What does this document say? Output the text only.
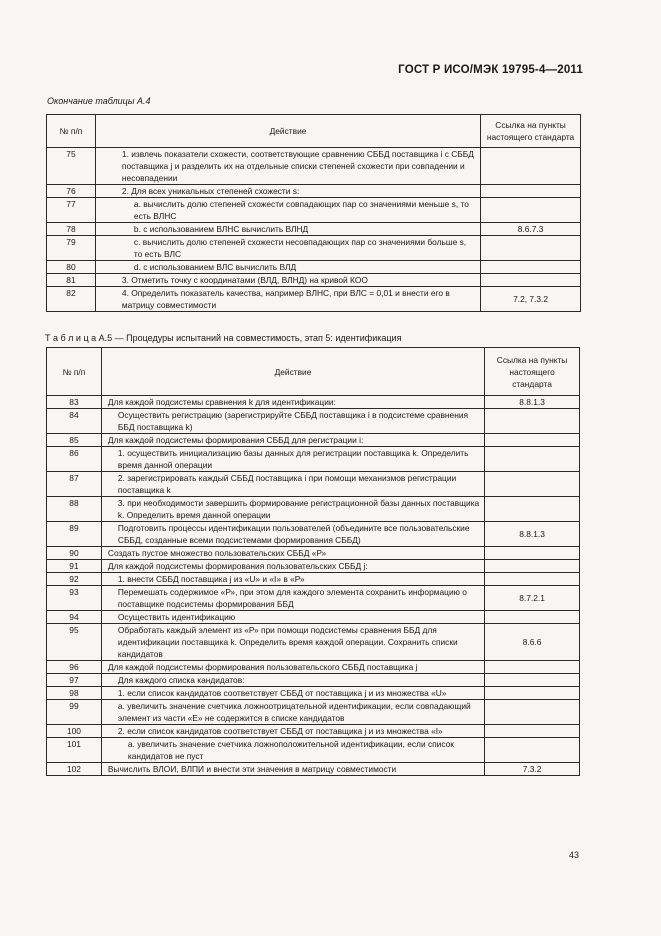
ГОСТ Р ИСО/МЭК 19795-4—2011
Окончание таблицы А.4
№ п/п	Действие	Ссылка на пункты настоящего стандарта
75	1. извлечь показатели схожести, соответствующие сравнению СББД поставщика i с СББД поставщика j и разделить их на отдельные списки степеней схожести при совпадении и несовпадении	
76	2. Для всех уникальных степеней схожести s:	
77	а. вычислить долю степеней схожести совпадающих пар со значениями меньше s, то есть ВЛНС	
78	b. с использованием ВЛНС вычислить ВЛНД	8.6.7.3
79	с. вычислить долю степеней схожести несовпадающих пар со значениями больше s, то есть ВЛС	
80	d. с использованием ВЛС вычислить ВЛД	
81	3. Отметить точку с координатами (ВЛД, ВЛНД) на кривой КОО	
82	4. Определить показатель качества, например ВЛНС, при ВЛС = 0,01 и внести его в матрицу совместимости	7.2, 7.3.2
Т а б л и ц а А.5 — Процедуры испытаний на совместимость, этап 5: идентификация
№ п/п	Действие	Ссылка на пункты настоящего стандарта
83	Для каждой подсистемы сравнения k для идентификации:	8.8.1.3
84	Осуществить регистрацию (зарегистрируйте СББД поставщика i в подсистеме сравнения ББД поставщика k)	
85	Для каждой подсистемы формирования СББД для регистрации i:	
86	1. осуществить инициализацию базы данных для регистрации поставщика k. Определить время данной операции	
87	2. зарегистрировать каждый СББД поставщика i при помощи механизмов регистрации поставщика k	
88	3. при необходимости завершить формирование регистрационной базы данных поставщика k. Определить время данной операции	
89	Подготовить процессы идентификации пользователей (объедините все пользовательские СББД, созданные всеми подсистемами формирования СББД)	8.8.1.3
90	Создать пустое множество пользовательских СББД «Р»	
91	Для каждой подсистемы формирования пользовательских СББД j:	
92	1. внести СББД поставщика j из «U» и «I» в «Р»	
93	Перемешать содержимое «Р», при этом для каждого элемента сохранить информацию о поставщике подсистемы формирования ББД	8.7.2.1
94	Осуществить идентификацию	
95	Обработать каждый элемент из «Р» при помощи подсистемы сравнения ББД для идентификации поставщика k. Определить время каждой операции. Сохранить списки кандидатов	8.6.6
96	Для каждой подсистемы формирования пользовательского СББД поставщика j	
97	Для каждого списка кандидатов:	
98	1. если список кандидатов соответствует СББД от поставщика j и из множества «U»	
99	а. увеличить значение счетчика ложноотрицательной идентификации, если совпадающий элемент из части «Е» не содержится в списке кандидатов	
100	2. если список кандидатов соответствует СББД от поставщика j и из множества «I»	
101	а. увеличить значение счетчика ложноположительной идентификации, если список кандидатов не пуст	
102	Вычислить ВЛОИ, ВЛПИ и внести эти значения в матрицу совместимости	7.3.2
43
